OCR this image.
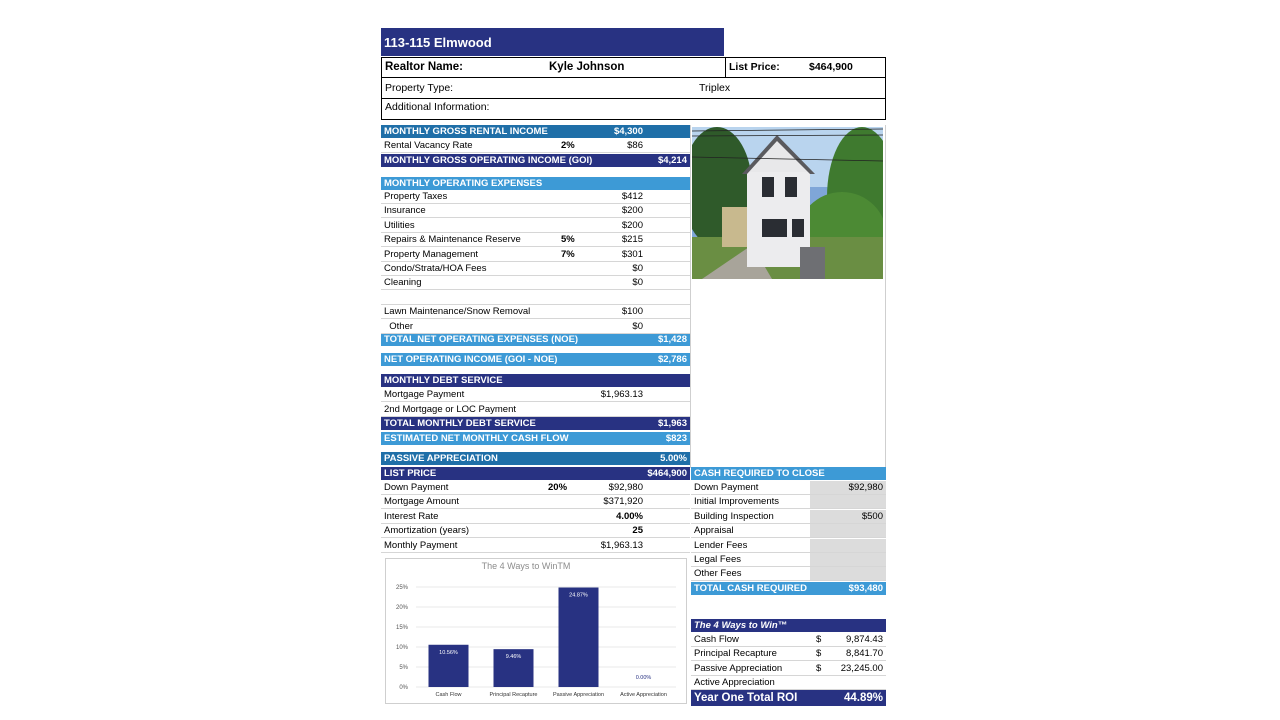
113-115 Elmwood
Realtor Name:	Kyle Johnson	List Price:	$464,900
Property Type:	Triplex
Additional Information:
MONTHLY GROSS RENTAL INCOME	$4,300
Rental Vacancy Rate	2%	$86
MONTHLY GROSS OPERATING INCOME (GOI)	$4,214
MONTHLY OPERATING EXPENSES
TOTAL NET OPERATING EXPENSES (NOE)	$1,428
NET OPERATING INCOME (GOI - NOE)	$2,786
MONTHLY DEBT SERVICE
Mortgage Payment	$1,963.13
2nd Mortgage or LOC Payment
TOTAL MONTHLY DEBT SERVICE	$1,963
ESTIMATED NET MONTHLY CASH FLOW	$823
PASSIVE APPRECIATION	5.00%
LIST PRICE	$464,900
Down Payment	20%	$92,980
Mortgage Amount	$371,920
Interest Rate	4.00%
Amortization (years)	25
Monthly Payment	$1,963.13
The 4 Ways to WinTM
0%
5%
10%
15%
20%
25%
10.56%
Cash Flow
9.46%
Principal Recapture
24.87%
Passive Appreciation
0.00%
Active Appreciation
CASH REQUIRED TO CLOSE
TOTAL CASH REQUIRED	$93,480
The 4 Ways to Win™
Year One Total ROI	44.89%
Property Taxes	$412
Insurance	$200
Utilities	$200
Repairs & Maintenance Reserve	5%	$215
Property Management	7%	$301
Condo/Strata/HOA Fees	$0
Cleaning	$0
Lawn Maintenance/Snow Removal	$100
Other	$0
Down Payment	$92,980
Initial Improvements
Building Inspection	$500
Appraisal
Lender Fees
Legal Fees
Other Fees
Cash Flow	$	9,874.43
Principal Recapture	$	8,841.70
Passive Appreciation	$	23,245.00
Active Appreciation
